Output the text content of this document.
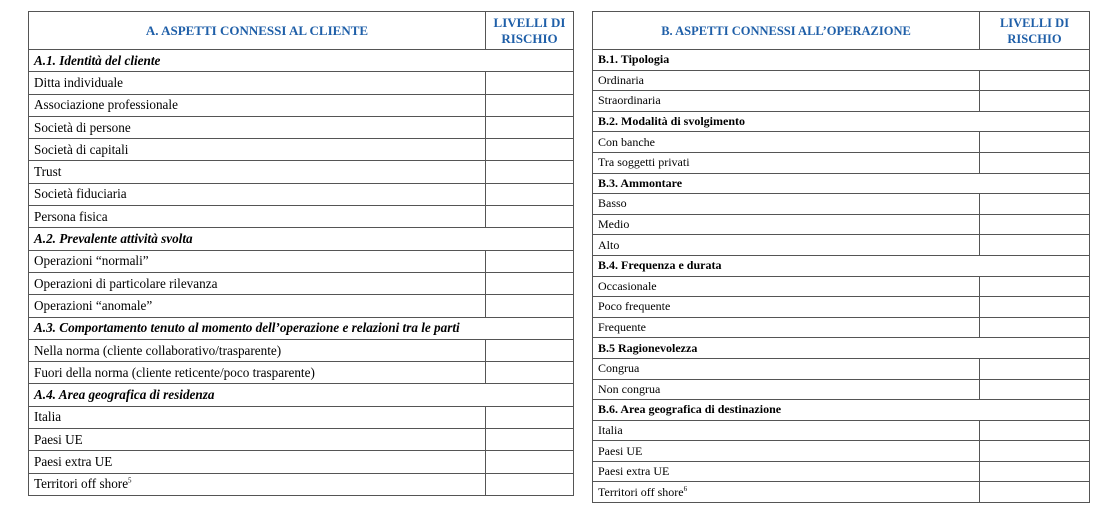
A. ASPETTI CONNESSI AL CLIENTE	LIVELLI DI
RISCHIO
A.1. Identità del cliente	
Ditta individuale	
Associazione professionale	
Società di persone	
Società di capitali	
Trust	
Società fiduciaria	
Persona fisica	
A.2. Prevalente attività svolta	
Operazioni “normali”	
Operazioni di particolare rilevanza	
Operazioni “anomale”	
A.3. Comportamento tenuto al momento dell’operazione e relazioni tra le parti	
Nella norma (cliente collaborativo/trasparente)	
Fuori della norma (cliente reticente/poco trasparente)	
A.4. Area geografica di residenza	
Italia	
Paesi UE	
Paesi extra UE	
Territori off shore$^5$	
B. ASPETTI CONNESSI ALL’OPERAZIONE	LIVELLI DI
RISCHIO
B.1. Tipologia	
Ordinaria	
Straordinaria	
B.2. Modalità di svolgimento	
Con banche	
Tra soggetti privati	
B.3. Ammontare	
Basso	
Medio	
Alto	
B.4. Frequenza e durata	
Occasionale	
Poco frequente	
Frequente	
B.5 Ragionevolezza	
Congrua	
Non congrua	
B.6. Area geografica di destinazione	
Italia	
Paesi UE	
Paesi extra UE	
Territori off shore$^6$	
